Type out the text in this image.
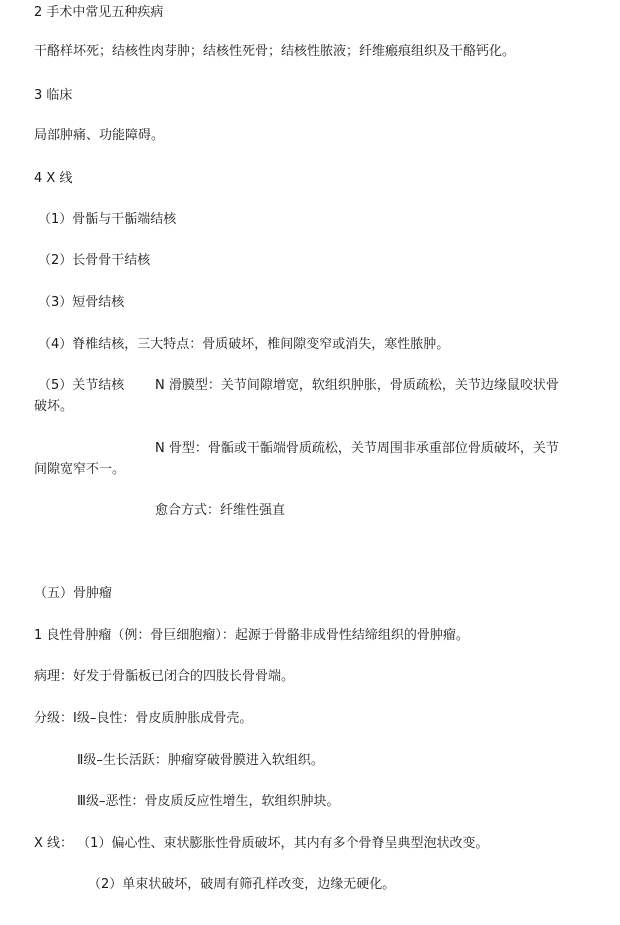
2 手术中常见五种疾病
干酪样坏死；结核性肉芽肿；结核性死骨；结核性脓液；纤维瘢痕组织及干酪钙化。
3 临床
局部肿痛、功能障碍。
4 X 线
（1）骨骺与干骺端结核
（2）长骨骨干结核
（3）短骨结核
（4）脊椎结核，三大特点：骨质破坏，椎间隙变窄或消失，寒性脓肿。
（5）关节结核 N 滑膜型：关节间隙增宽，软组织肿胀，骨质疏松，关节边缘鼠咬状骨
破坏。
N 骨型：骨骺或干骺端骨质疏松，关节周围非承重部位骨质破坏，关节
间隙宽窄不一。
愈合方式：纤维性强直
（五）骨肿瘤
1 良性骨肿瘤（例：骨巨细胞瘤）：起源于骨骼非成骨性结缔组织的骨肿瘤。
病理：好发于骨骺板已闭合的四肢长骨骨端。
分级：Ⅰ级–良性：骨皮质肿胀成骨壳。
Ⅱ级–生长活跃：肿瘤穿破骨膜进入软组织。
Ⅲ级–恶性：骨皮质反应性增生，软组织肿块。
X 线： （1）偏心性、束状膨胀性骨质破坏，其内有多个骨脊呈典型泡状改变。
（2）单束状破坏，破周有筛孔样改变，边缘无硬化。
